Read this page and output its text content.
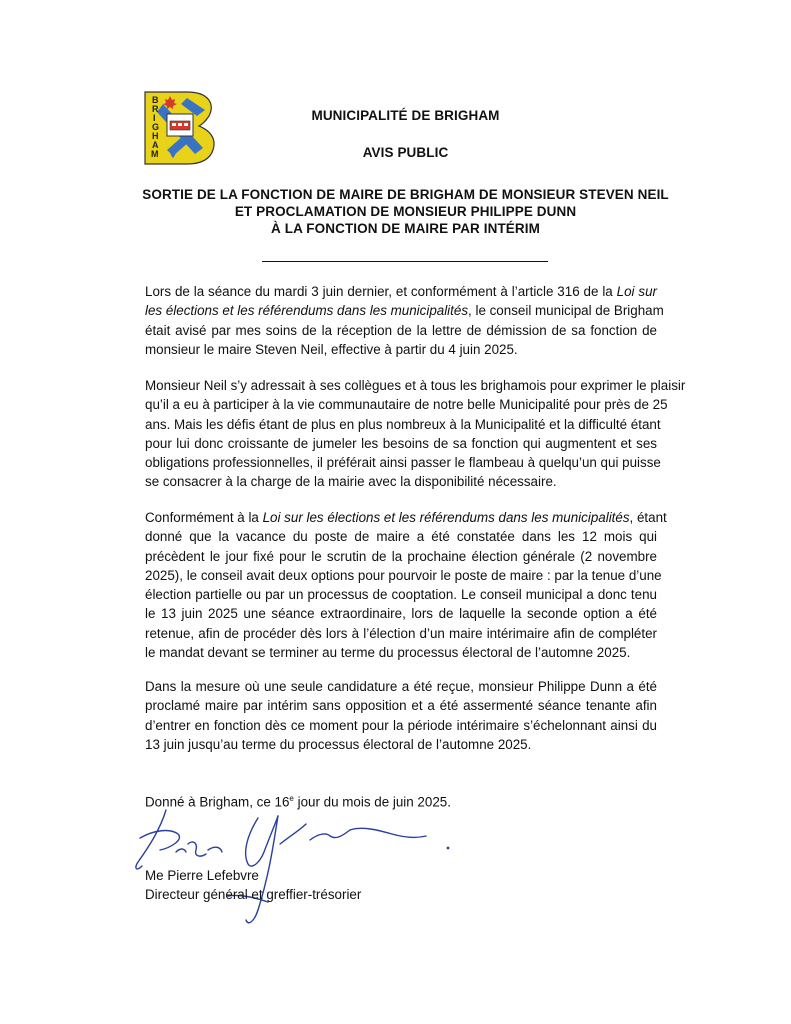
B
R
I
G
H
A
M
MUNICIPALITÉ DE BRIGHAM
AVIS PUBLIC
SORTIE DE LA FONCTION DE MAIRE DE BRIGHAM DE MONSIEUR STEVEN NEIL
ET PROCLAMATION DE MONSIEUR PHILIPPE DUNN
À LA FONCTION DE MAIRE PAR INTÉRIM
Lors de la séance du mardi 3 juin dernier, et conformément à l’article 316 de la Loi sur
les élections et les référendums dans les municipalités, le conseil municipal de Brigham
était avisé par mes soins de la réception de la lettre de démission de sa fonction de
monsieur le maire Steven Neil, effective à partir du 4 juin 2025.
Monsieur Neil s’y adressait à ses collègues et à tous les brighamois pour exprimer le plaisir
qu’il a eu à participer à la vie communautaire de notre belle Municipalité pour près de 25
ans. Mais les défis étant de plus en plus nombreux à la Municipalité et la difficulté étant
pour lui donc croissante de jumeler les besoins de sa fonction qui augmentent et ses
obligations professionnelles, il préférait ainsi passer le flambeau à quelqu’un qui puisse
se consacrer à la charge de la mairie avec la disponibilité nécessaire.
Conformément à la Loi sur les élections et les référendums dans les municipalités, étant
donné que la vacance du poste de maire a été constatée dans les 12 mois qui
précèdent le jour fixé pour le scrutin de la prochaine élection générale (2 novembre
2025), le conseil avait deux options pour pourvoir le poste de maire : par la tenue d’une
élection partielle ou par un processus de cooptation. Le conseil municipal a donc tenu
le 13 juin 2025 une séance extraordinaire, lors de laquelle la seconde option a été
retenue, afin de procéder dès lors à l’élection d’un maire intérimaire afin de compléter
le mandat devant se terminer au terme du processus électoral de l’automne 2025.
Dans la mesure où une seule candidature a été reçue, monsieur Philippe Dunn a été
proclamé maire par intérim sans opposition et a été assermenté séance tenante afin
d’entrer en fonction dès ce moment pour la période intérimaire s’échelonnant ainsi du
13 juin jusqu’au terme du processus électoral de l’automne 2025.
Donné à Brigham, ce 16e jour du mois de juin 2025.
Me Pierre Lefebvre
Directeur général et greffier-trésorier
